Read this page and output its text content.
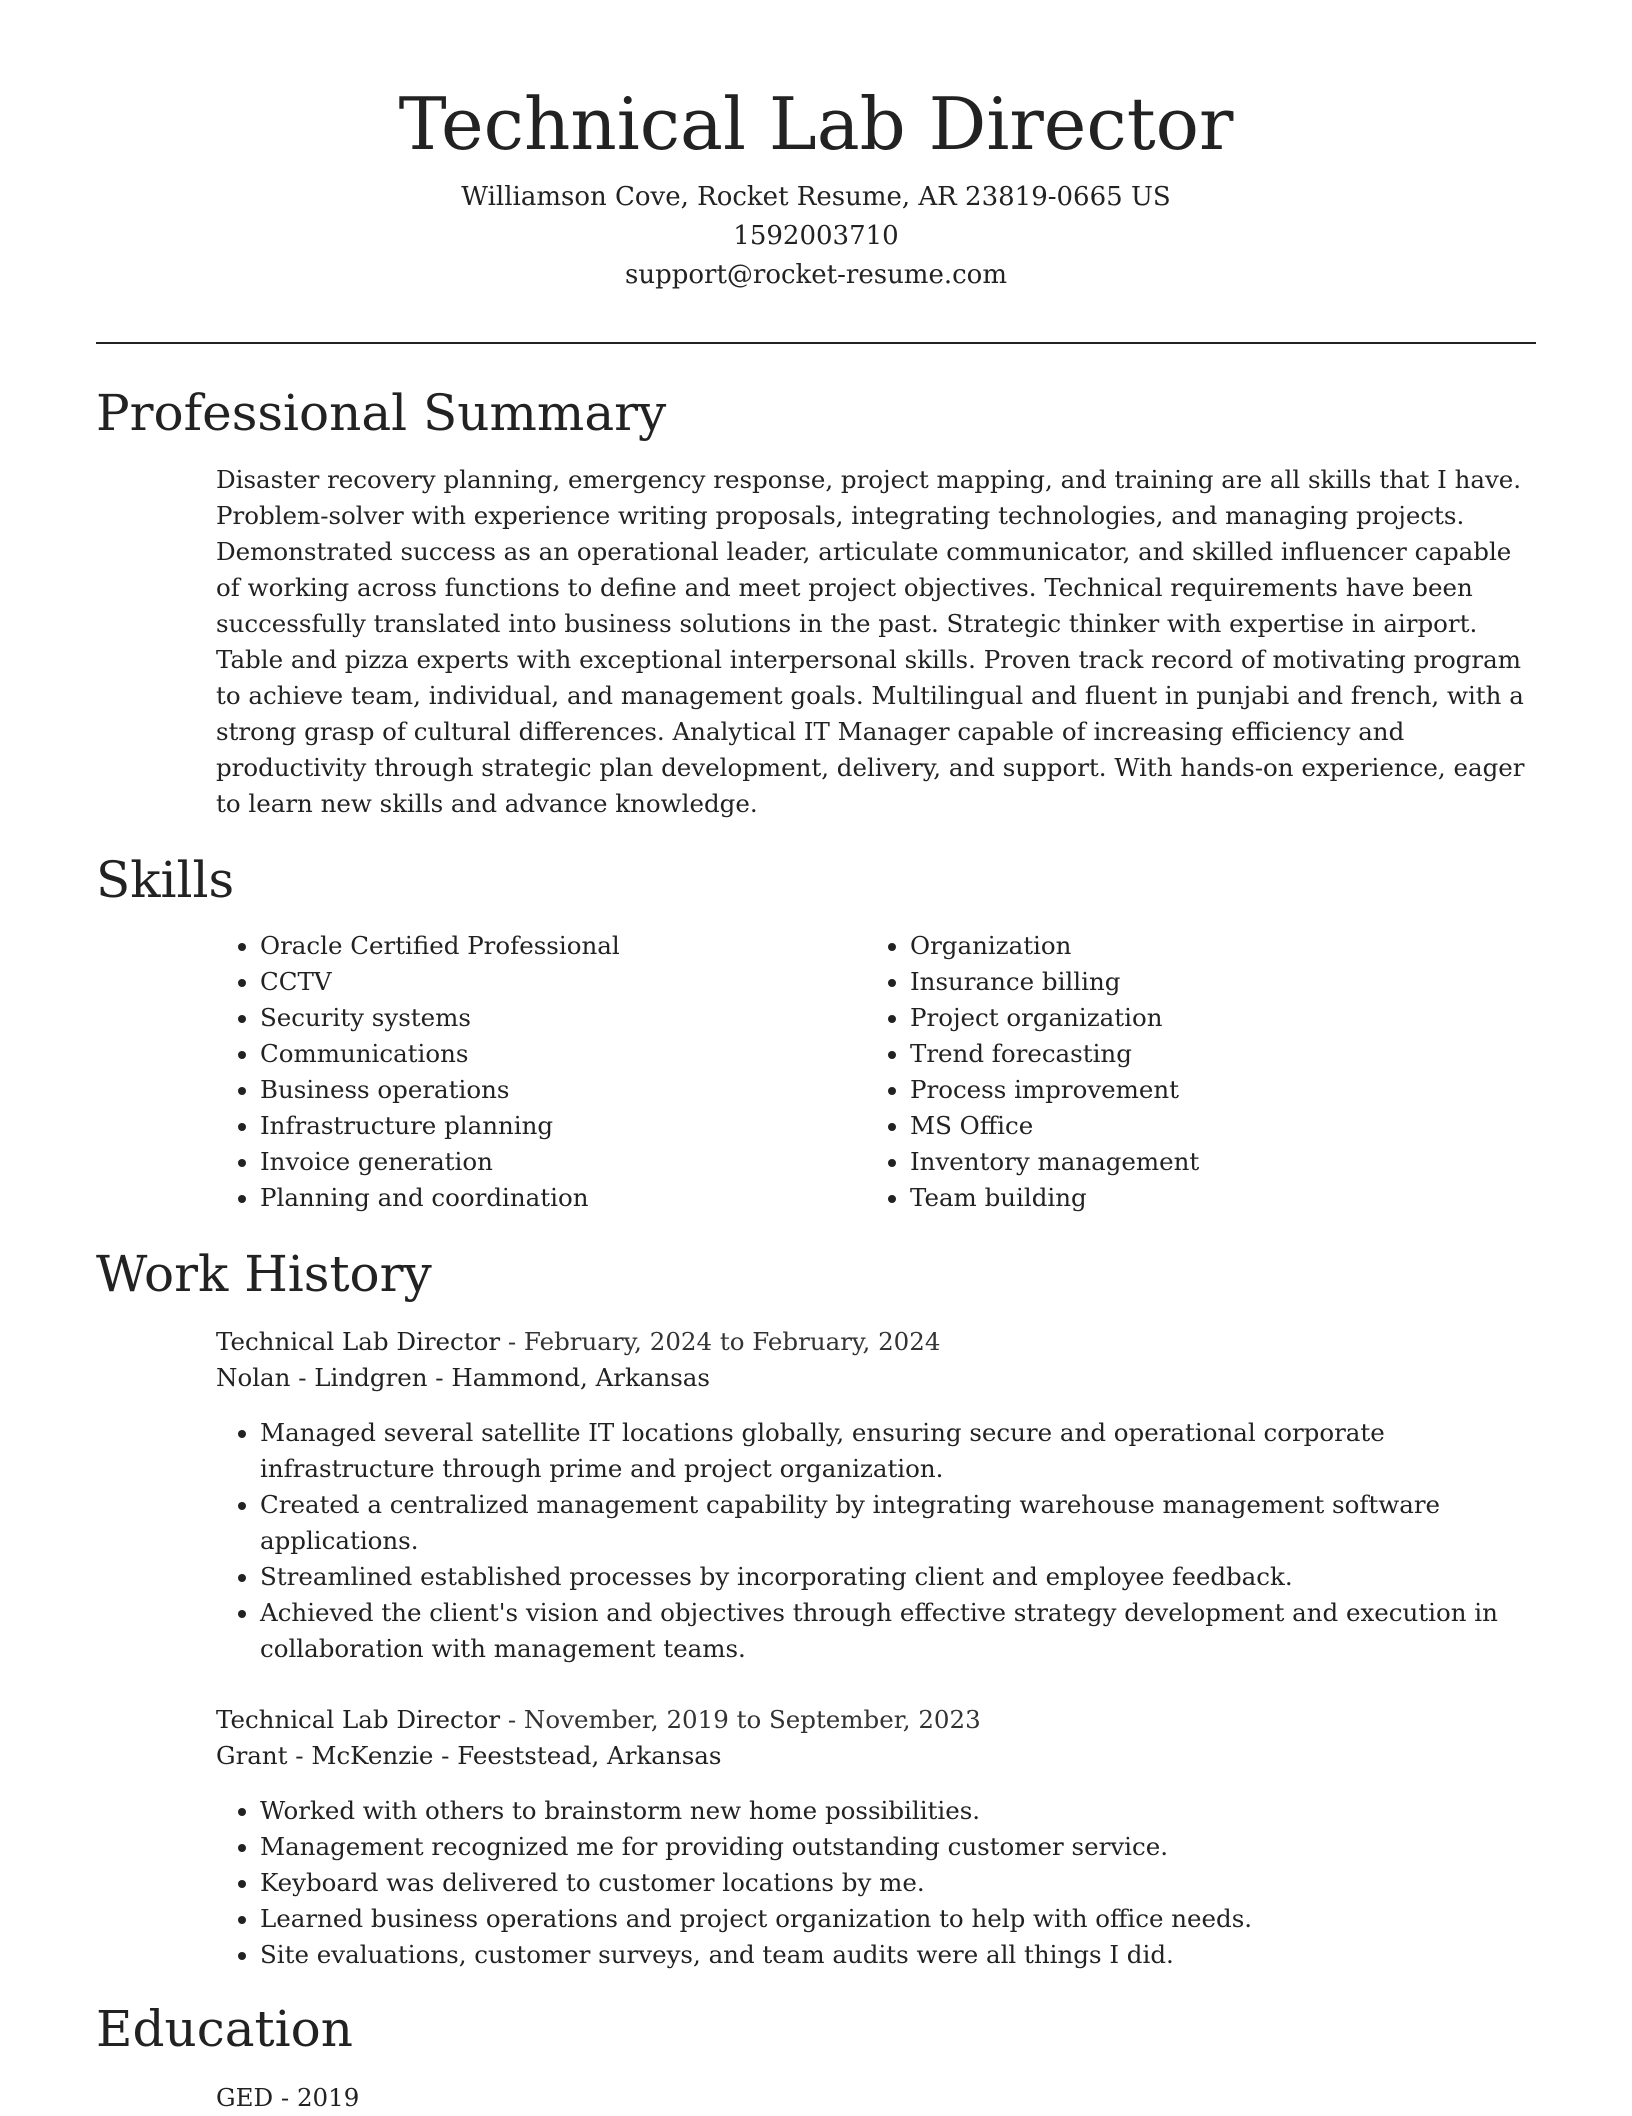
Technical Lab Director
Williamson Cove, Rocket Resume, AR 23819-0665 US
1592003710
support@rocket-resume.com
Professional Summary

Disaster recovery planning, emergency response, project mapping, and training are all skills that I have. Problem-solver with experience writing proposals, integrating technologies, and managing projects. Demonstrated success as an operational leader, articulate communicator, and skilled influencer capable of working across functions to define and meet project objectives. Technical requirements have been successfully translated into business solutions in the past. Strategic thinker with expertise in airport. Table and pizza experts with exceptional interpersonal skills. Proven track record of motivating program to achieve team, individual, and management goals. Multilingual and fluent in punjabi and french, with a strong grasp of cultural differences. Analytical IT Manager capable of increasing efficiency and productivity through strategic plan development, delivery, and support. With hands-on experience, eager to learn new skills and advance knowledge.

Skills
• Oracle Certified Professional
• CCTV
• Security systems
• Communications
• Business operations
• Infrastructure planning
• Invoice generation
• Planning and coordination
• Organization
• Insurance billing
• Project organization
• Trend forecasting
• Process improvement
• MS Office
• Inventory management
• Team building
Work History
Technical Lab Director - February, 2024 to February, 2024
Nolan - Lindgren - Hammond, Arkansas
• Managed several satellite IT locations globally, ensuring secure and operational corporate infrastructure through prime and project organization.
• Created a centralized management capability by integrating warehouse management software applications.
• Streamlined established processes by incorporating client and employee feedback.
• Achieved the client's vision and objectives through effective strategy development and execution in collaboration with management teams.
Technical Lab Director - November, 2019 to September, 2023
Grant - McKenzie - Feeststead, Arkansas
• Worked with others to brainstorm new home possibilities.
• Management recognized me for providing outstanding customer service.
• Keyboard was delivered to customer locations by me.
• Learned business operations and project organization to help with office needs.
• Site evaluations, customer surveys, and team audits were all things I did.
Education
GED - 2019
